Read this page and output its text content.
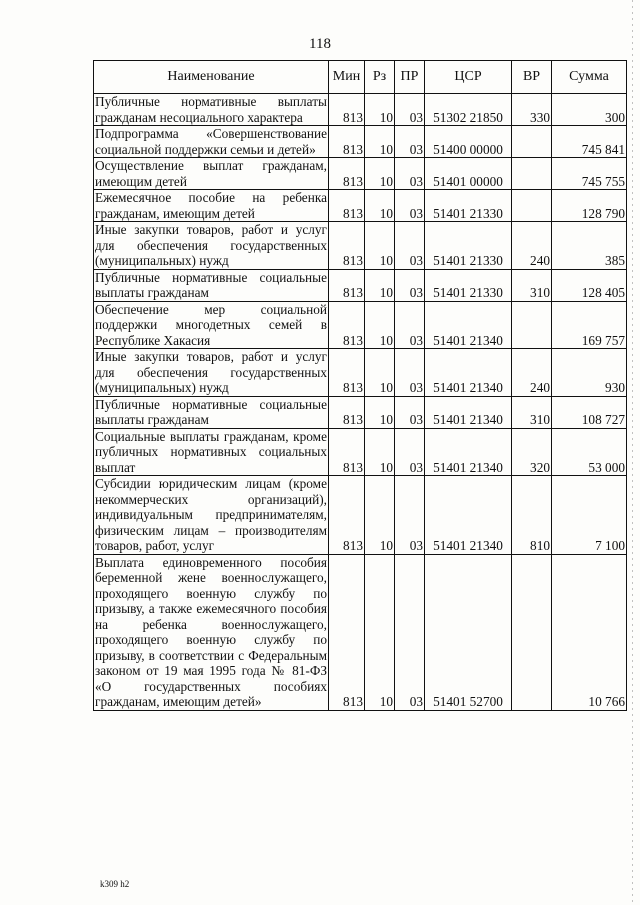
118
Наименование	Мин	Рз	ПР	ЦСР	ВР	Сумма
Публичные нормативные выплаты гражданам несоциального характера	813	10	03	51302 21850	330	300
Подпрограмма «Совершенствование социальной поддержки семьи и детей»	813	10	03	51400 00000		745 841
Осуществление выплат гражданам, имеющим детей	813	10	03	51401 00000		745 755
Ежемесячное пособие на ребенка гражданам, имеющим детей	813	10	03	51401 21330		128 790
Иные закупки товаров, работ и услуг для обеспечения государственных (муниципальных) нужд	813	10	03	51401 21330	240	385
Публичные нормативные социальные выплаты гражданам	813	10	03	51401 21330	310	128 405
Обеспечение мер социальной поддержки многодетных семей в Республике Хакасия	813	10	03	51401 21340		169 757
Иные закупки товаров, работ и услуг для обеспечения государственных (муниципальных) нужд	813	10	03	51401 21340	240	930
Публичные нормативные социальные выплаты гражданам	813	10	03	51401 21340	310	108 727
Социальные выплаты гражданам, кроме публичных нормативных социальных выплат	813	10	03	51401 21340	320	53 000
Субсидии юридическим лицам (кроме некоммерческих организаций), индивидуальным предпринимателям, физическим лицам – производителям товаров, работ, услуг	813	10	03	51401 21340	810	7 100
Выплата единовременного пособия беременной жене военнослужащего, проходящего военную службу по призыву, а также ежемесячного пособия на ребенка военнослужащего, проходящего военную службу по призыву, в соответствии с Федеральным законом от 19 мая 1995 года № 81-ФЗ «О государственных пособиях гражданам, имеющим детей»	813	10	03	51401 52700		10 766
k309 h2
